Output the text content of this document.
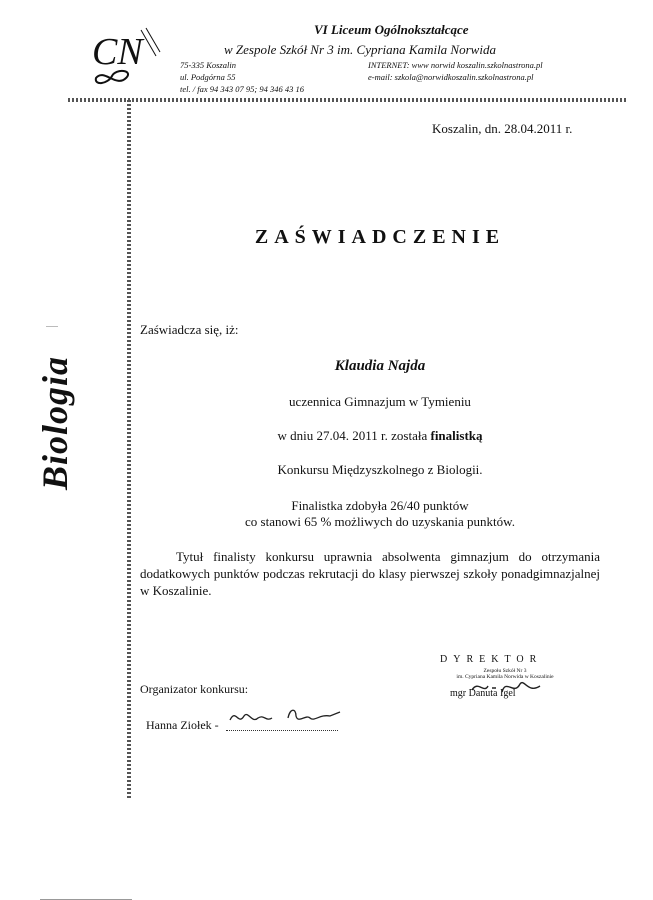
CN
VI Liceum Ogólnokształcące
w Zespole Szkół Nr 3 im. Cypriana Kamila Norwida
75-335 Koszalin
ul. Podgórna 55
tel. / fax 94 343 07 95; 94 346 43 16
INTERNET: www norwid koszalin.szkolnastrona.pl
e-mail: szkola@norwidkoszalin.szkolnastrona.pl
Biologia
Koszalin, dn. 28.04.2011 r.
ZAŚWIADCZENIE
Zaświadcza się, iż:
Klaudia Najda
uczennica Gimnazjum w Tymieniu
w dniu 27.04. 2011 r. została finalistką
Konkursu Międzyszkolnego z Biologii.
Finalistka zdobyła 26/40 punktów
co stanowi 65 % możliwych do uzyskania punktów.
Tytuł finalisty konkursu uprawnia absolwenta gimnazjum do otrzymania dodatkowych punktów podczas rekrutacji do klasy pierwszej szkoły ponadgimnazjalnej w Koszalinie.
DYREKTOR
Zespołu Szkół Nr 3
im. Cypriana Kamila Norwida w Koszalinie
mgr Danuta Igel
Organizator konkursu:
Hanna Ziołek -
